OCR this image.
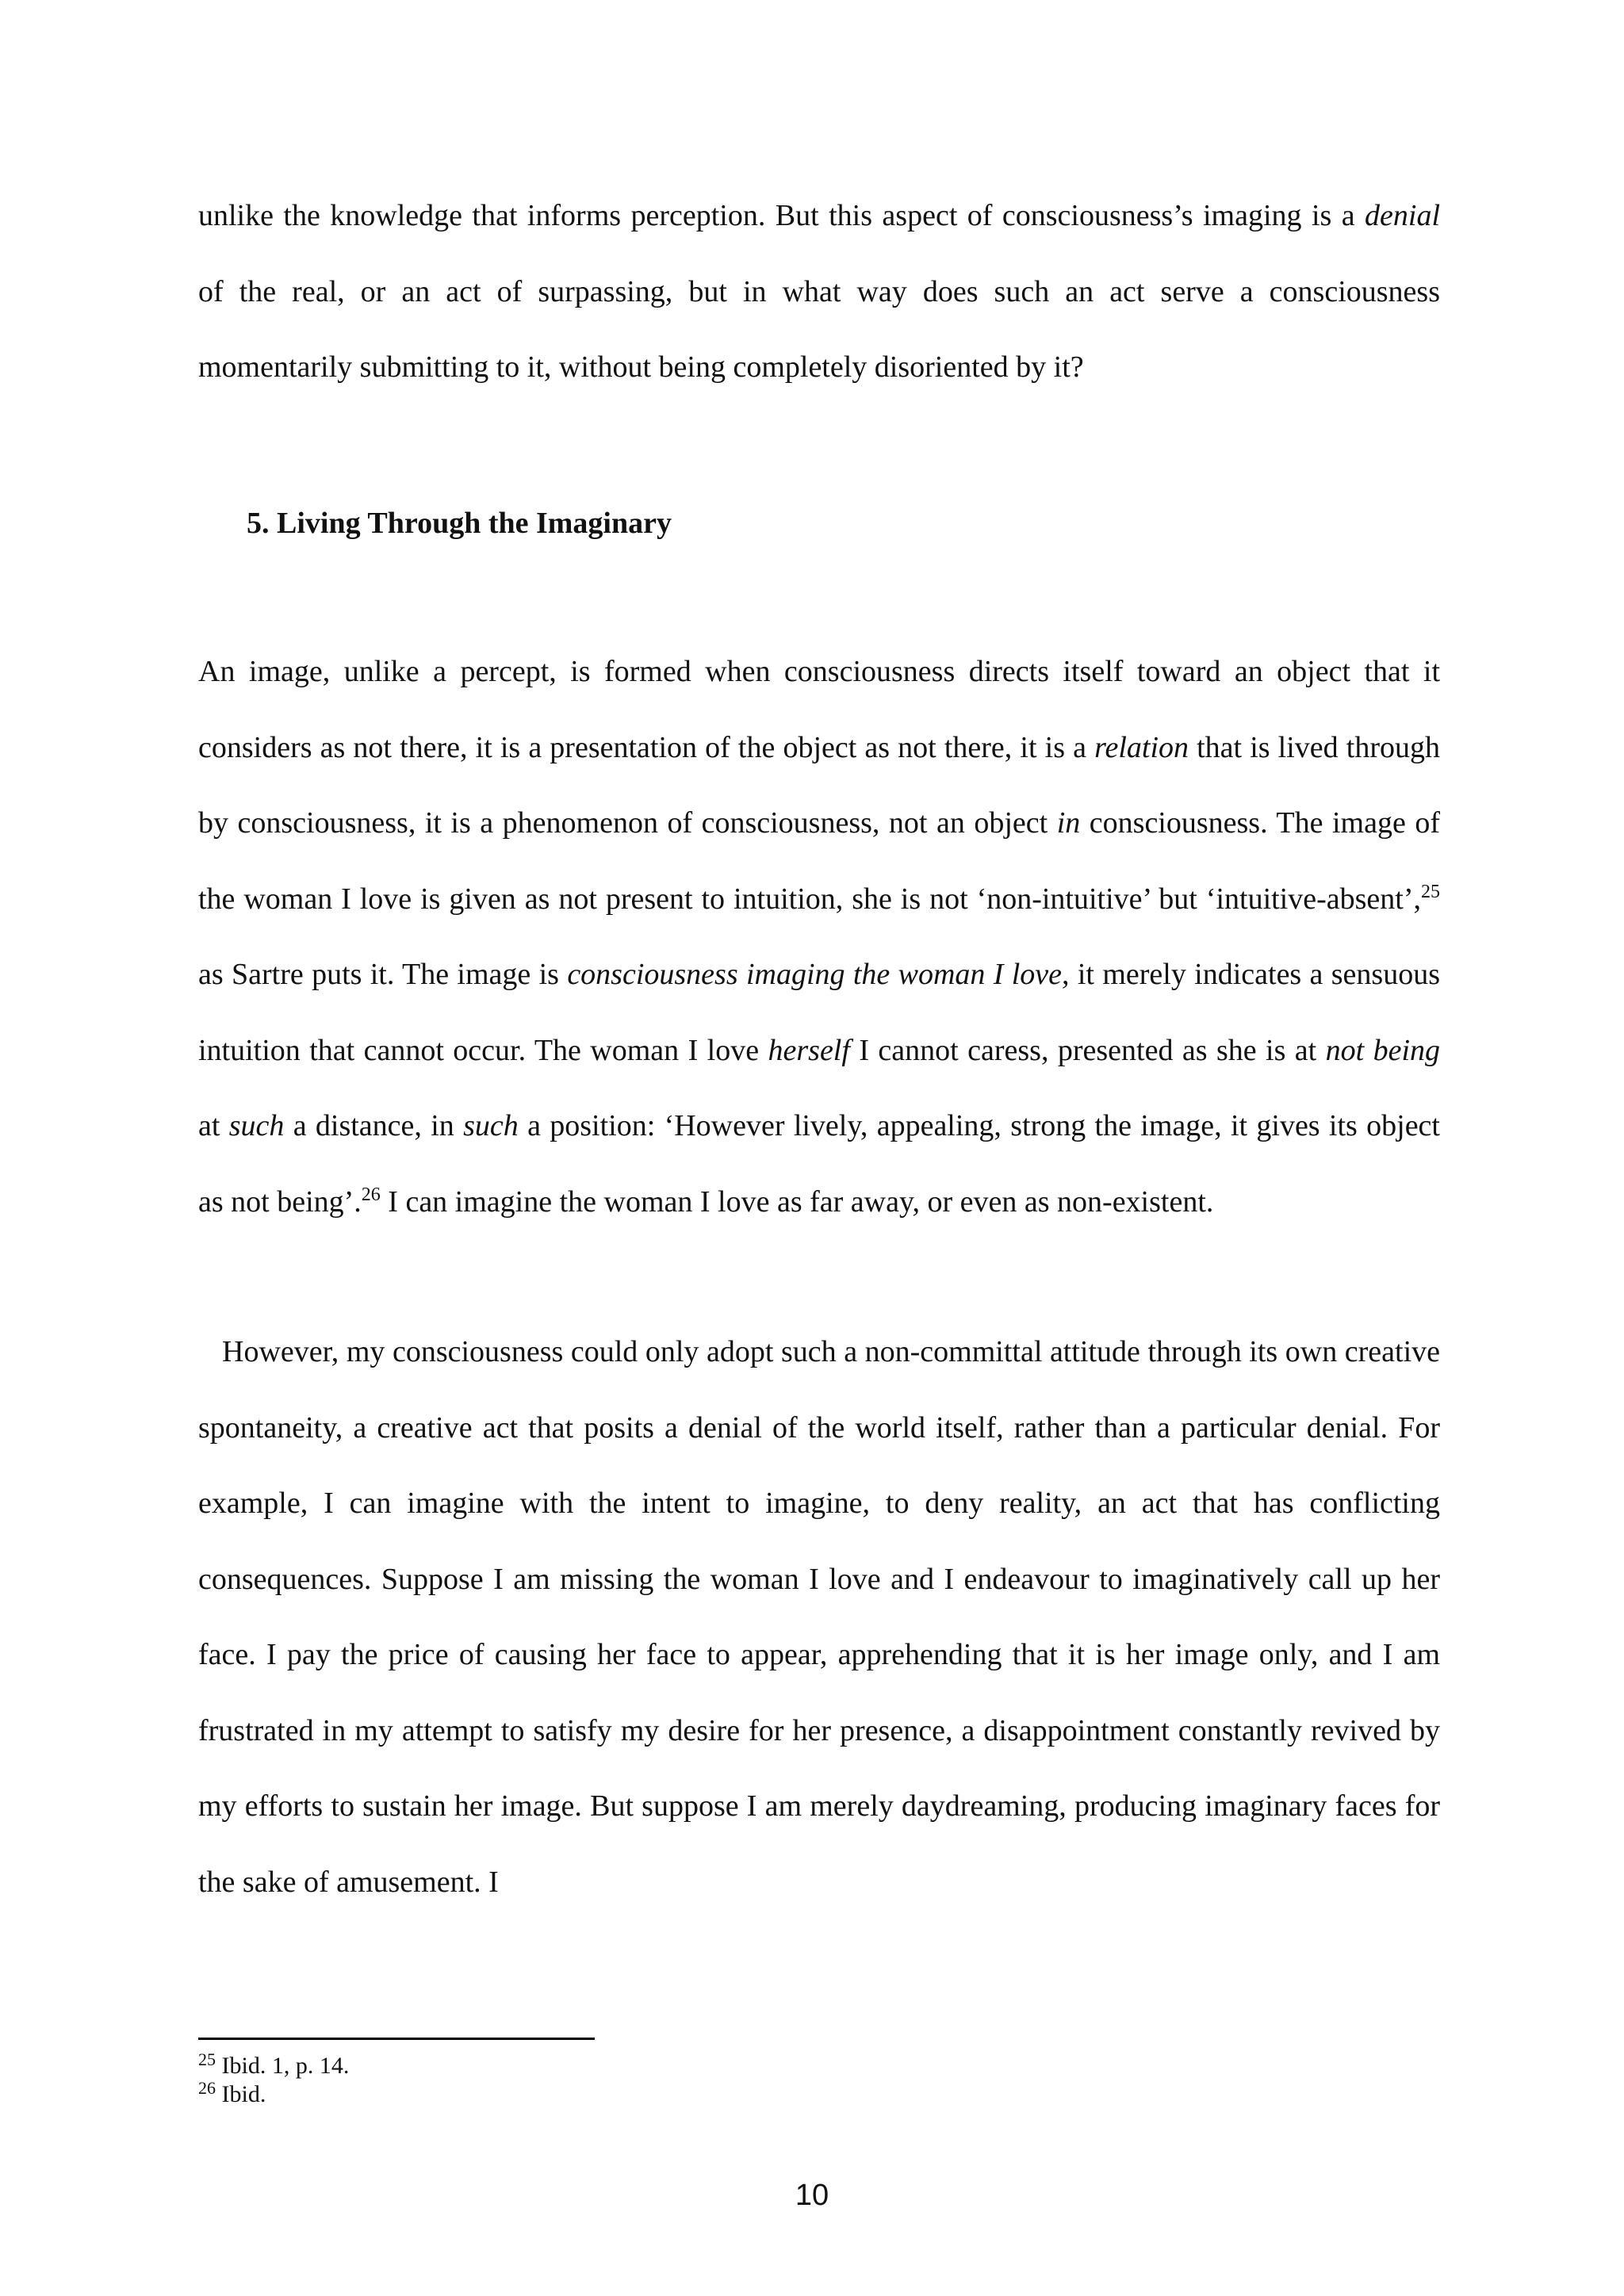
unlike the knowledge that informs perception. But this aspect of consciousness’s imaging is a denial of the real, or an act of surpassing, but in what way does such an act serve a consciousness momentarily submitting to it, without being completely disoriented by it?

5. Living Through the Imaginary

An image, unlike a percept, is formed when consciousness directs itself toward an object that it considers as not there, it is a presentation of the object as not there, it is a relation that is lived through by consciousness, it is a phenomenon of consciousness, not an object in consciousness. The image of the woman I love is given as not present to intuition, she is not ‘non-intuitive’ but ‘intuitive-absent’,$^{25}$ as Sartre puts it. The image is consciousness imaging the woman I love, it merely indicates a sensuous intuition that cannot occur. The woman I love herself I cannot caress, presented as she is at not being at such a distance, in such a position: ‘However lively, appealing, strong the image, it gives its object as not being’.$^{26}$ I can imagine the woman I love as far away, or even as non-existent.

However, my consciousness could only adopt such a non-committal attitude through its own creative spontaneity, a creative act that posits a denial of the world itself, rather than a particular denial. For example, I can imagine with the intent to imagine, to deny reality, an act that has conflicting consequences. Suppose I am missing the woman I love and I endeavour to imaginatively call up her face. I pay the price of causing her face to appear, apprehending that it is her image only, and I am frustrated in my attempt to satisfy my desire for her presence, a disappointment constantly revived by my efforts to sustain her image. But suppose I am merely daydreaming, producing imaginary faces for the sake of amusement. I

$^{25}$ Ibid. 1, p. 14.

$^{26}$ Ibid.

10
